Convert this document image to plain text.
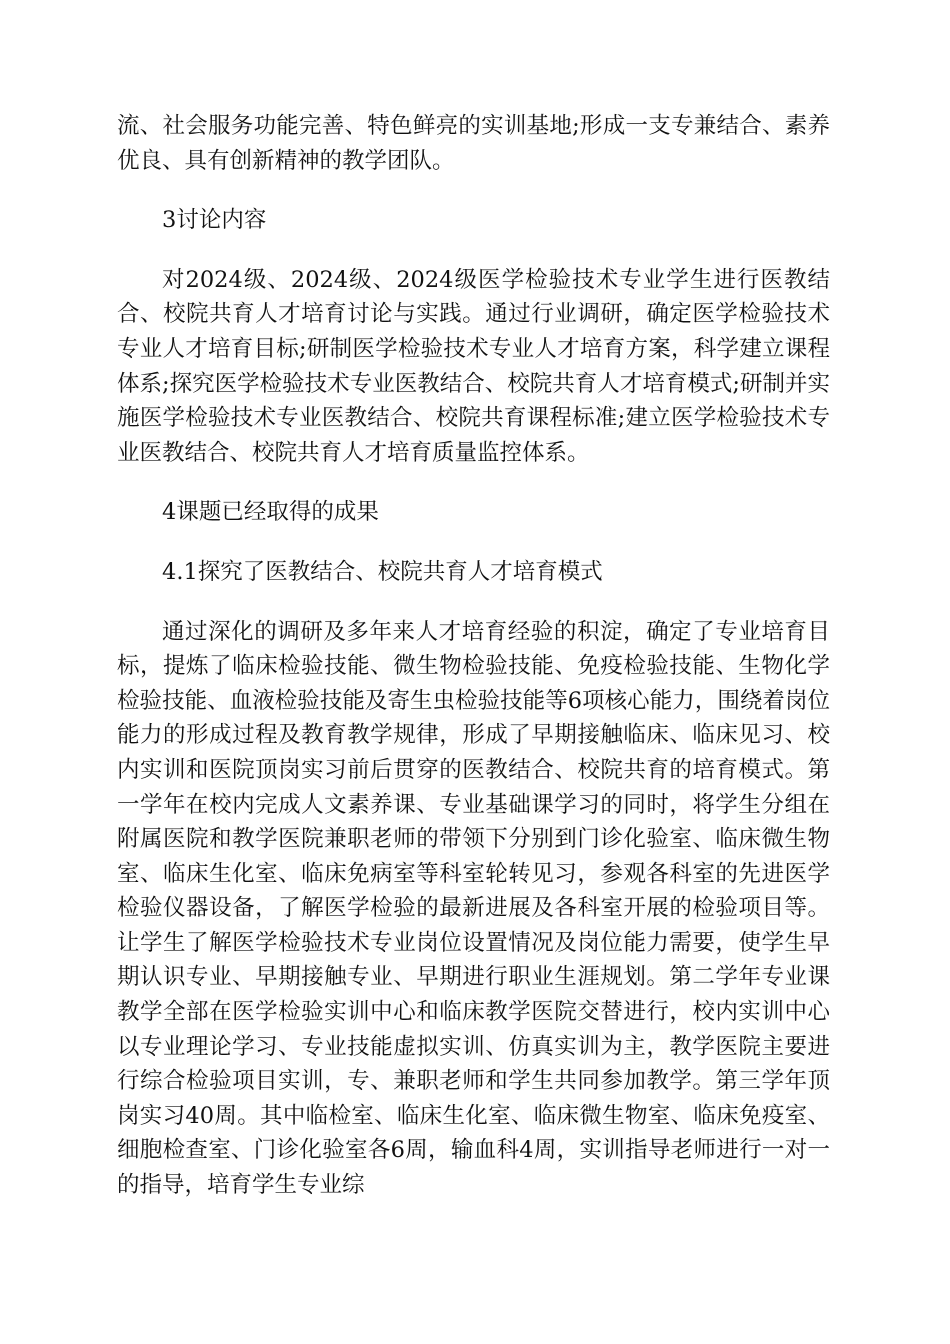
流、社会服务功能完善、特色鲜亮的实训基地;形成一支专兼结合、素养优良、具有创新精神的教学团队。

3讨论内容

对2024级、2024级、2024级医学检验技术专业学生进行医教结合、校院共育人才培育讨论与实践。通过行业调研，确定医学检验技术专业人才培育目标;研制医学检验技术专业人才培育方案，科学建立课程体系;探究医学检验技术专业医教结合、校院共育人才培育模式;研制并实施医学检验技术专业医教结合、校院共育课程标准;建立医学检验技术专业医教结合、校院共育人才培育质量监控体系。

4课题已经取得的成果

4.1探究了医教结合、校院共育人才培育模式

通过深化的调研及多年来人才培育经验的积淀，确定了专业培育目标，提炼了临床检验技能、微生物检验技能、免疫检验技能、生物化学检验技能、血液检验技能及寄生虫检验技能等6项核心能力，围绕着岗位能力的形成过程及教育教学规律，形成了早期接触临床、临床见习、校内实训和医院顶岗实习前后贯穿的医教结合、校院共育的培育模式。第一学年在校内完成人文素养课、专业基础课学习的同时，将学生分组在附属医院和教学医院兼职老师的带领下分别到门诊化验室、临床微生物室、临床生化室、临床免病室等科室轮转见习，参观各科室的先进医学检验仪器设备，了解医学检验的最新进展及各科室开展的检验项目等。让学生了解医学检验技术专业岗位设置情况及岗位能力需要，使学生早期认识专业、早期接触专业、早期进行职业生涯规划。第二学年专业课教学全部在医学检验实训中心和临床教学医院交替进行，校内实训中心以专业理论学习、专业技能虚拟实训、仿真实训为主，教学医院主要进行综合检验项目实训，专、兼职老师和学生共同参加教学。第三学年顶岗实习40周。其中临检室、临床生化室、临床微生物室、临床免疫室、细胞检查室、门诊化验室各6周，输血科4周，实训指导老师进行一对一的指导，培育学生专业综
